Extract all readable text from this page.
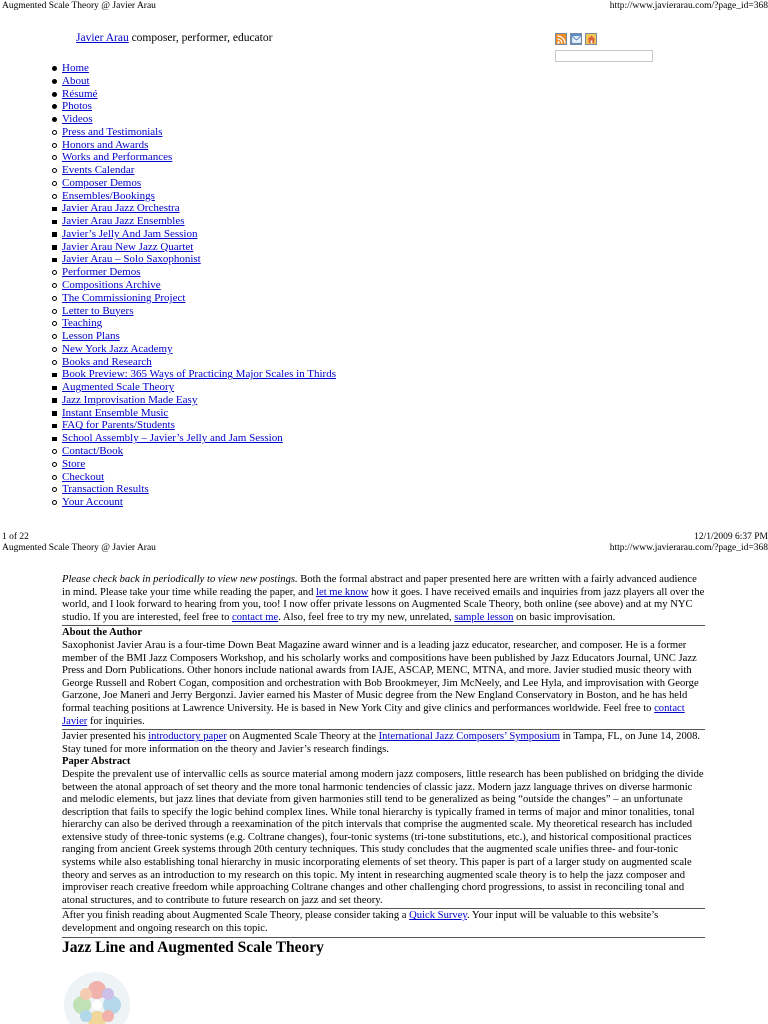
Augmented Scale Theory @ Javier Arau	http://www.javierarau.com/?page_id=368
Javier Arau composer, performer, educator
Home
About
Résumé
Photos
Videos
Press and Testimonials
Honors and Awards
Works and Performances
Events Calendar
Composer Demos
Ensembles/Bookings
Javier Arau Jazz Orchestra
Javier Arau Jazz Ensembles
Javier’s Jelly And Jam Session
Javier Arau New Jazz Quartet
Javier Arau – Solo Saxophonist
Performer Demos
Compositions Archive
The Commissioning Project
Letter to Buyers
Teaching
Lesson Plans
New York Jazz Academy
Books and Research
Book Preview: 365 Ways of Practicing Major Scales in Thirds
Augmented Scale Theory
Jazz Improvisation Made Easy
Instant Ensemble Music
FAQ for Parents/Students
School Assembly – Javier’s Jelly and Jam Session
Contact/Book
Store
Checkout
Transaction Results
Your Account
1 of 22	12/1/2009 6:37 PM
Augmented Scale Theory @ Javier Arau	http://www.javierarau.com/?page_id=368

Please check back in periodically to view new postings. Both the formal abstract and paper presented here are written with a fairly advanced audience in mind. Please take your time while reading the paper, and let me know how it goes. I have received emails and inquiries from jazz players all over the world, and I look forward to hearing from you, too! I now offer private lessons on Augmented Scale Theory, both online (see above) and at my NYC studio. If you are interested, feel free to contact me. Also, feel free to try my new, unrelated, sample lesson on basic improvisation.

About the Author

Saxophonist Javier Arau is a four-time Down Beat Magazine award winner and is a leading jazz educator, researcher, and composer. He is a former member of the BMI Jazz Composers Workshop, and his scholarly works and compositions have been published by Jazz Educators Journal, UNC Jazz Press and Dorn Publications. Other honors include national awards from IAJE, ASCAP, MENC, MTNA, and more. Javier studied music theory with George Russell and Robert Cogan, composition and orchestration with Bob Brookmeyer, Jim McNeely, and Lee Hyla, and improvisation with George Garzone, Joe Maneri and Jerry Bergonzi. Javier earned his Master of Music degree from the New England Conservatory in Boston, and he has held formal teaching positions at Lawrence University. He is based in New York City and give clinics and performances worldwide. Feel free to contact Javier for inquiries.

Javier presented his introductory paper on Augmented Scale Theory at the International Jazz Composers’ Symposium in Tampa, FL, on June 14, 2008. Stay tuned for more information on the theory and Javier’s research findings.

Paper Abstract

Despite the prevalent use of intervallic cells as source material among modern jazz composers, little research has been published on bridging the divide between the atonal approach of set theory and the more tonal harmonic tendencies of classic jazz. Modern jazz language thrives on diverse harmonic and melodic elements, but jazz lines that deviate from given harmonies still tend to be generalized as being “outside the changes” – an unfortunate description that fails to specify the logic behind complex lines. While tonal hierarchy is typically framed in terms of major and minor tonalities, tonal hierarchy can also be derived through a reexamination of the pitch intervals that comprise the augmented scale. My theoretical research has included extensive study of three-tonic systems (e.g. Coltrane changes), four-tonic systems (tri-tone substitutions, etc.), and historical compositional practices ranging from ancient Greek systems through 20th century techniques. This study concludes that the augmented scale unifies three- and four-tonic systems while also establishing tonal hierarchy in music incorporating elements of set theory. This paper is part of a larger study on augmented scale theory and serves as an introduction to my research on this topic. My intent in researching augmented scale theory is to help the jazz composer and improviser reach creative freedom while approaching Coltrane changes and other challenging chord progressions, to assist in reconciling tonal and atonal structures, and to contribute to future research on jazz and set theory.

After you finish reading about Augmented Scale Theory, please consider taking a Quick Survey. Your input will be valuable to this website’s development and ongoing research on this topic.

Jazz Line and Augmented Scale Theory
